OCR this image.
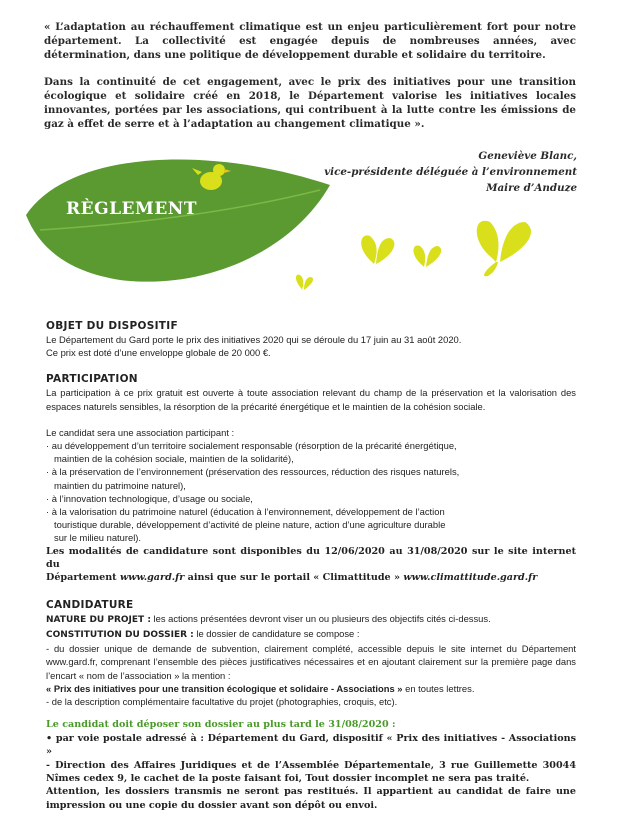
« L’adaptation au réchauffement climatique est un enjeu particulièrement fort pour notre département. La collectivité est engagée depuis de nombreuses années, avec détermination, dans une politique de développement durable et solidaire du territoire.

Dans la continuité de cet engagement, avec le prix des initiatives pour une transition écologique et solidaire créé en 2018, le Département valorise les initiatives locales innovantes, portées par les associations, qui contribuent à la lutte contre les émissions de gaz à effet de serre et à l’adaptation au changement climatique ».

Geneviève Blanc,
vice-présidente déléguée à l’environnement
Maire d’Anduze
RÈGLEMENT

OBJET DU DISPOSITIF

Le Département du Gard porte le prix des initiatives 2020 qui se déroule du 17 juin au 31 août 2020.

Ce prix est doté d’une enveloppe globale de 20 000 €.

PARTICIPATION

La participation à ce prix gratuit est ouverte à toute association relevant du champ de la préservation et la valorisation des espaces naturels sensibles, la résorption de la précarité énergétique et le maintien de la cohésion sociale.

Le candidat sera une association participant :

· au développement d’un territoire socialement responsable (résorption de la précarité énergétique,

maintien de la cohésion sociale, maintien de la solidarité),

· à la préservation de l’environnement (préservation des ressources, réduction des risques naturels,

maintien du patrimoine naturel),

· à l’innovation technologique, d’usage ou sociale,

· à la valorisation du patrimoine naturel (éducation à l’environnement, développement de l’action

touristique durable, développement d’activité de pleine nature, action d’une agriculture durable

sur le milieu naturel).

Les modalités de candidature sont disponibles du 12/06/2020 au 31/08/2020 sur le site internet du

Département www.gard.fr ainsi que sur le portail « Climattitude » www.climattitude.gard.fr

CANDIDATURE

NATURE DU PROJET : les actions présentées devront viser un ou plusieurs des objectifs cités ci-dessus.

CONSTITUTION DU DOSSIER : le dossier de candidature se compose :

- du dossier unique de demande de subvention, clairement complété, accessible depuis le site internet du Département www.gard.fr, comprenant l’ensemble des pièces justificatives nécessaires et en ajoutant clairement sur la première page dans l’encart « nom de l’association » la mention :

« Prix des initiatives pour une transition écologique et solidaire - Associations » en toutes lettres.

- de la description complémentaire facultative du projet (photographies, croquis, etc).

Le candidat doit déposer son dossier au plus tard le 31/08/2020 :

• par voie postale adressé à : Département du Gard, dispositif « Prix des initiatives - Associations »

- Direction des Affaires Juridiques et de l’Assemblée Départementale, 3 rue Guillemette 30044 Nîmes cedex 9, le cachet de la poste faisant foi, Tout dossier incomplet ne sera pas traité.

Attention, les dossiers transmis ne seront pas restitués. Il appartient au candidat de faire une impression ou une copie du dossier avant son dépôt ou envoi.
